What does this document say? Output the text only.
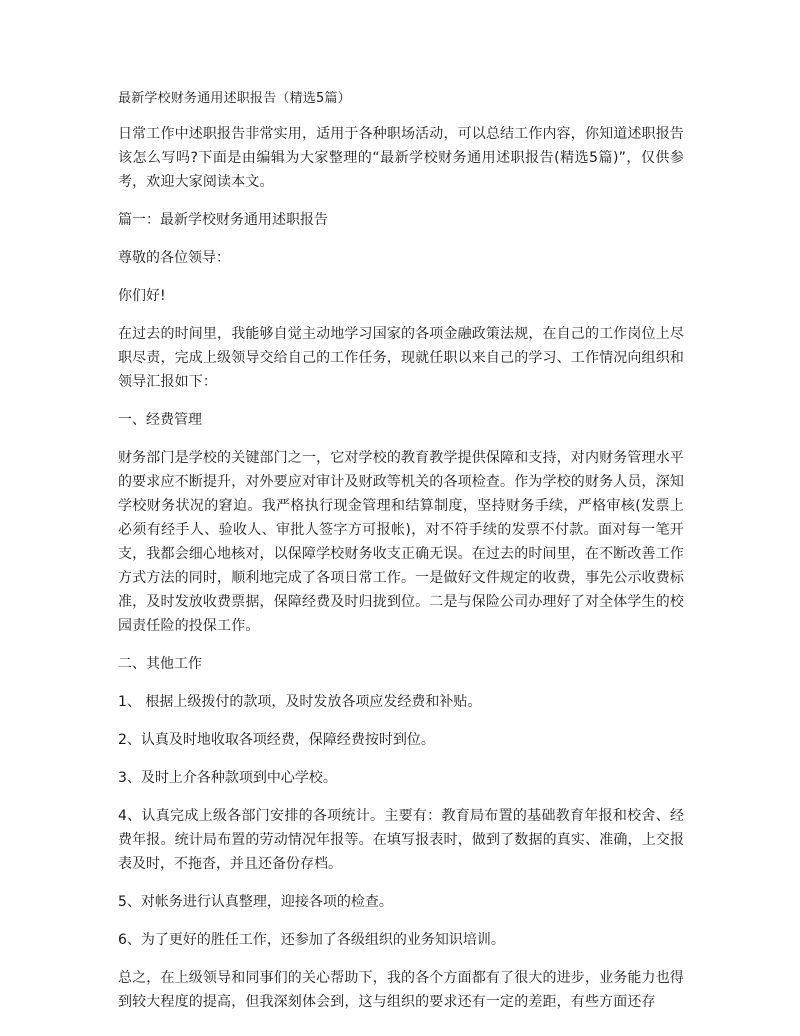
最新学校财务通用述职报告（精选5篇）

日常工作中述职报告非常实用，适用于各种职场活动，可以总结工作内容，你知道述职报告该怎么写吗?下面是由编辑为大家整理的“最新学校财务通用述职报告(精选5篇)”，仅供参考，欢迎大家阅读本文。

篇一：最新学校财务通用述职报告

尊敬的各位领导：

你们好!

在过去的时间里，我能够自觉主动地学习国家的各项金融政策法规，在自己的工作岗位上尽职尽责，完成上级领导交给自己的工作任务，现就任职以来自己的学习、工作情况向组织和领导汇报如下：

一、经费管理

财务部门是学校的关键部门之一，它对学校的教育教学提供保障和支持，对内财务管理水平的要求应不断提升，对外要应对审计及财政等机关的各项检查。作为学校的财务人员，深知学校财务状况的窘迫。我严格执行现金管理和结算制度，坚持财务手续，严格审核(发票上必须有经手人、验收人、审批人签字方可报帐)，对不符手续的发票不付款。面对每一笔开支，我都会细心地核对，以保障学校财务收支正确无误。在过去的时间里，在不断改善工作方式方法的同时，顺利地完成了各项日常工作。一是做好文件规定的收费，事先公示收费标准，及时发放收费票据，保障经费及时归拢到位。二是与保险公司办理好了对全体学生的校园责任险的投保工作。

二、其他工作

1、 根据上级拨付的款项，及时发放各项应发经费和补贴。

2、认真及时地收取各项经费，保障经费按时到位。

3、及时上介各种款项到中心学校。

4、认真完成上级各部门安排的各项统计。主要有：教育局布置的基础教育年报和校舍、经费年报。统计局布置的劳动情况年报等。在填写报表时，做到了数据的真实、准确，上交报表及时，不拖沓，并且还备份存档。

5、对帐务进行认真整理，迎接各项的检查。

6、为了更好的胜任工作，还参加了各级组织的业务知识培训。

总之，在上级领导和同事们的关心帮助下，我的各个方面都有了很大的进步，业务能力也得到较大程度的提高，但我深刻体会到，这与组织的要求还有一定的差距，有些方面还存
